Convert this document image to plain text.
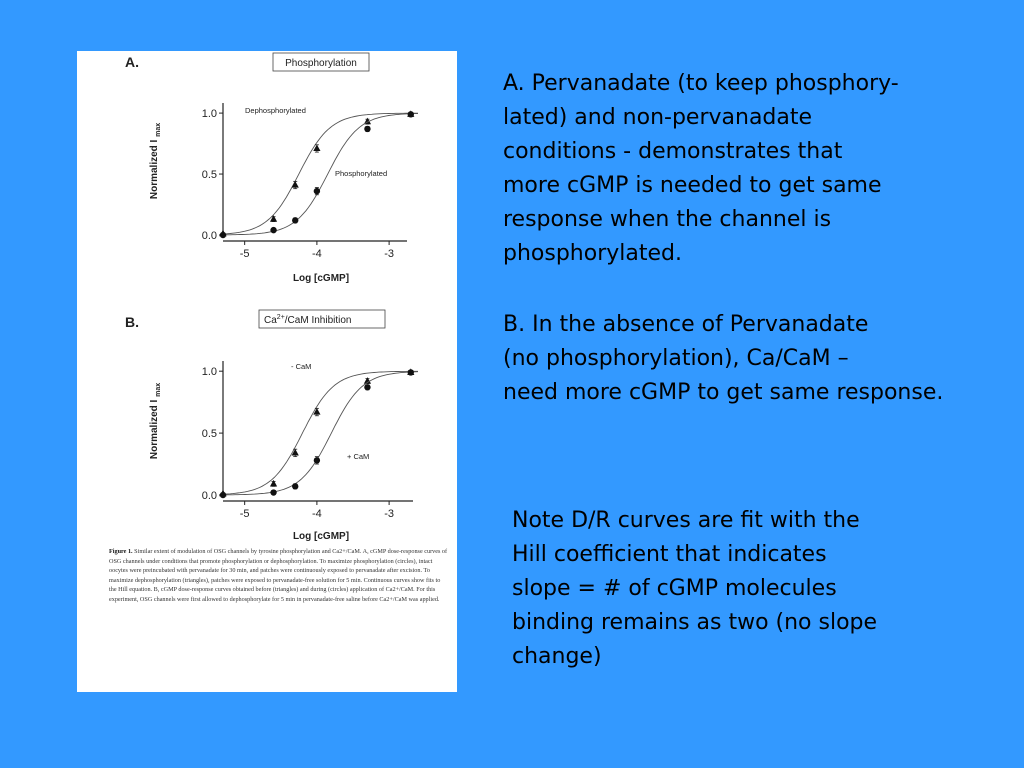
A.	Phosphorylation
0.0
0.5
1.0
-5	-4	-3
Log [cGMP]
Normalized I $_{max}$
Dephosphorylated
Phosphorylated
B.	$Ca^{2+}$/CaM Inhibition
0.0
0.5
1.0
-5	-4	-3
Log [cGMP]
Normalized I $_{max}$
- CaM
+ CaM
Figure 1. Similar extent of modulation of OSG channels by tyrosine phosphorylation and Ca2+/CaM. A, cGMP dose-response curves of OSG channels under conditions that promote phosphorylation or dephosphorylation. To maximize phosphorylation (circles), intact oocytes were preincubated with pervanadate for 30 min, and patches were continuously exposed to pervanadate after excision. To maximize dephosphorylation (triangles), patches were exposed to pervanadate-free solution for 5 min. Continuous curves show fits to the Hill equation. B, cGMP dose-response curves obtained before (triangles) and during (circles) application of Ca2+/CaM. For this experiment, OSG channels were first allowed to dephosphorylate for 5 min in pervanadate-free saline before Ca2+/CaM was applied.

A. Pervanadate (to keep phosphory-
lated) and non-pervanadate
conditions - demonstrates that
more cGMP is needed to get same
response when the channel is
phosphorylated.

B. In the absence of Pervanadate
(no phosphorylation), Ca/CaM –
need more cGMP to get same response.

Note D/R curves are fit with the
Hill coefficient that indicates
slope = # of cGMP molecules
binding remains as two (no slope
change)
